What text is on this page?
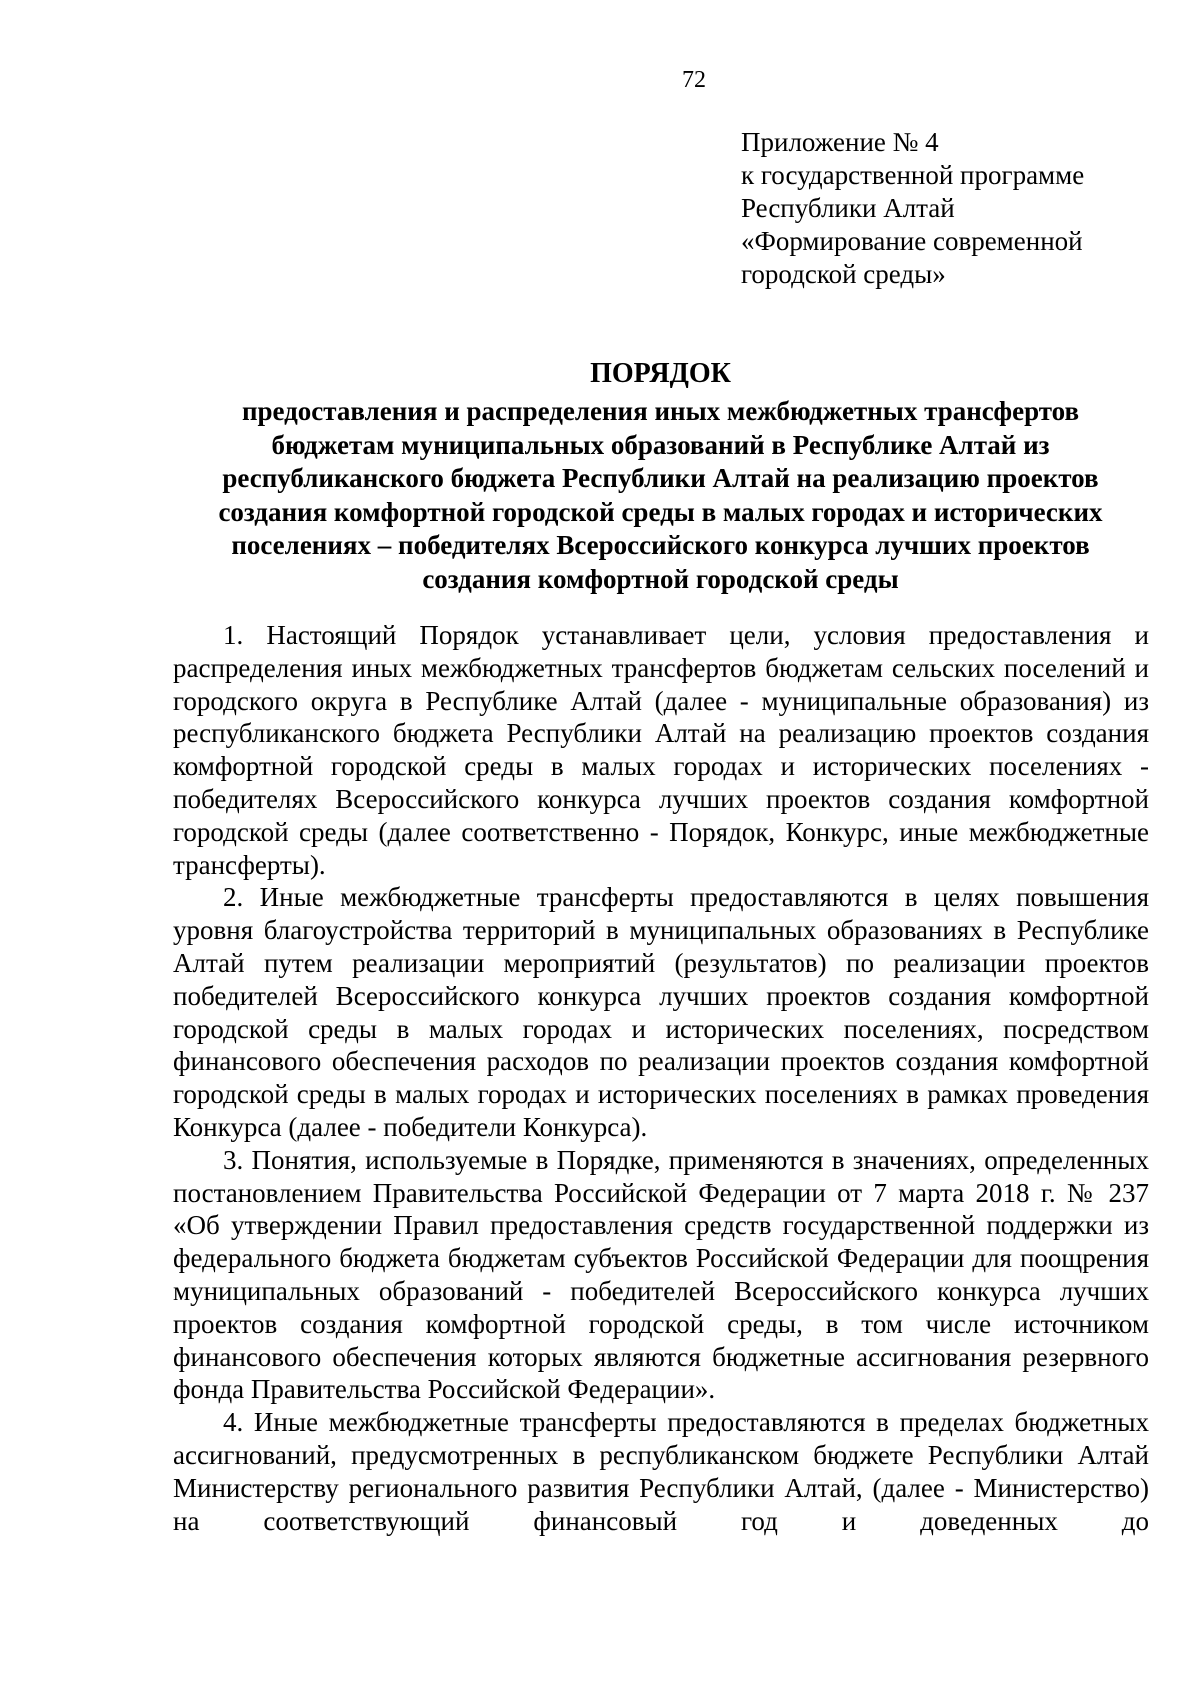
72
Приложение № 4
к государственной программе
Республики Алтай
«Формирование современной
городской среды»
ПОРЯДОК
предоставления и распределения иных межбюджетных трансфертов
бюджетам муниципальных образований в Республике Алтай из
республиканского бюджета Республики Алтай на реализацию проектов
создания комфортной городской среды в малых городах и исторических
поселениях – победителях Всероссийского конкурса лучших проектов
создания комфортной городской среды

1. Настоящий Порядок устанавливает цели, условия предоставления и распределения иных межбюджетных трансфертов бюджетам сельских поселений и городского округа в Республике Алтай (далее - муниципальные образования) из республиканского бюджета Республики Алтай на реализацию проектов создания комфортной городской среды в малых городах и исторических поселениях - победителях Всероссийского конкурса лучших проектов создания комфортной городской среды (далее соответственно - Порядок, Конкурс, иные межбюджетные трансферты).

2. Иные межбюджетные трансферты предоставляются в целях повышения уровня благоустройства территорий в муниципальных образованиях в Республике Алтай путем реализации мероприятий (результатов) по реализации проектов победителей Всероссийского конкурса лучших проектов создания комфортной городской среды в малых городах и исторических поселениях, посредством финансового обеспечения расходов по реализации проектов создания комфортной городской среды в малых городах и исторических поселениях в рамках проведения Конкурса (далее - победители Конкурса).

3. Понятия, используемые в Порядке, применяются в значениях, определенных постановлением Правительства Российской Федерации от 7 марта 2018 г. № 237 «Об утверждении Правил предоставления средств государственной поддержки из федерального бюджета бюджетам субъектов Российской Федерации для поощрения муниципальных образований - победителей Всероссийского конкурса лучших проектов создания комфортной городской среды, в том числе источником финансового обеспечения которых являются бюджетные ассигнования резервного фонда Правительства Российской Федерации».

4. Иные межбюджетные трансферты предоставляются в пределах бюджетных ассигнований, предусмотренных в республиканском бюджете Республики Алтай Министерству регионального развития Республики Алтай, (далее - Министерство) на соответствующий финансовый год и доведенных до
